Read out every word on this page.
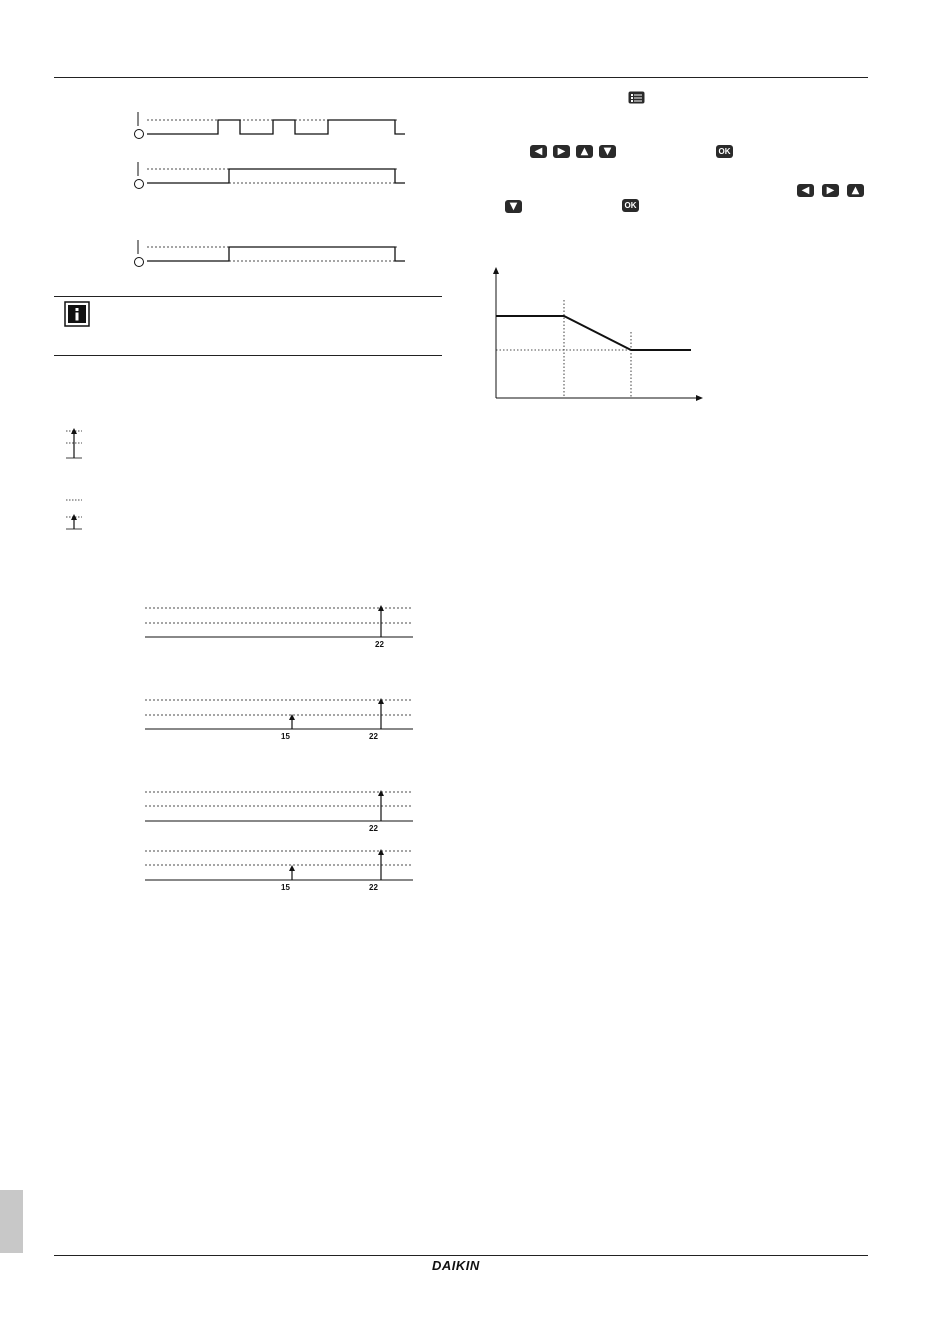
22
15	22
22
15	22
◀	▶	▲	▼	OK
◀	▶	▲
▼	OK
DAIKIN
